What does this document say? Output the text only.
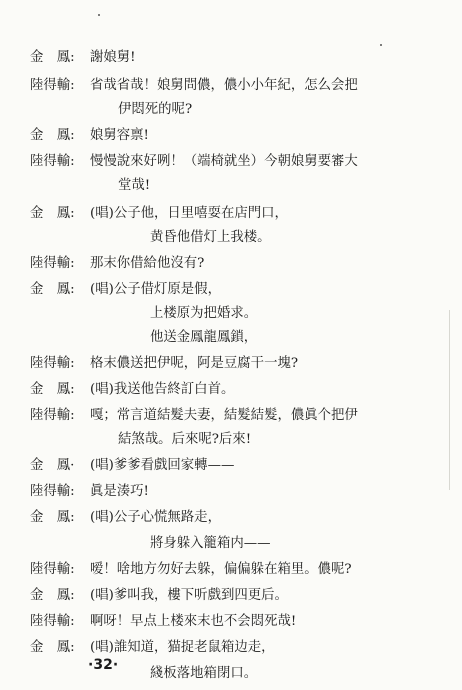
金　鳳:	謝娘舅!
陸得輸:	省哉省哉！娘舅問儂，儂小小年紀，怎么会把
伊悶死的呢?
金　鳳:	娘舅容禀!
陸得輸:	慢慢說來好咧！（端椅就坐）今朝娘舅要審大
堂哉!
金　鳳:	(唱)公子他，日里嘻耍在店門口，
黄昏他借灯上我楼。
陸得輸:	那末你借給他沒有?
金　鳳:	(唱)公子借灯原是假，
上楼原为把婚求。
他送金鳳龍鳳鎖，
陸得輸:	格末儂送把伊呢，阿是豆腐干一塊?
金　鳳:	(唱)我送他告終訂白首。
陸得輸:	嘎；常言道結髮夫妻，結髮結髮，儂眞个把伊
結煞哉。后來呢?后來!
金　鳳·	(唱)爹爹看戲回家轉——
陸得輸:	眞是湊巧!
金　鳳:	(唱)公子心慌無路走，
將身躲入籠箱内——
陸得輸:	嗳！啥地方勿好去躲，偏偏躲在箱里。儂呢?
金　鳳:	(唱)爹叫我，樓下听戲到四更后。
陸得輸:	啊呀！早点上楼來末也不会悶死哉!
金　鳳:	(唱)誰知道，猫捉老鼠箱边走，
綫板落地箱閉口。
·32·
